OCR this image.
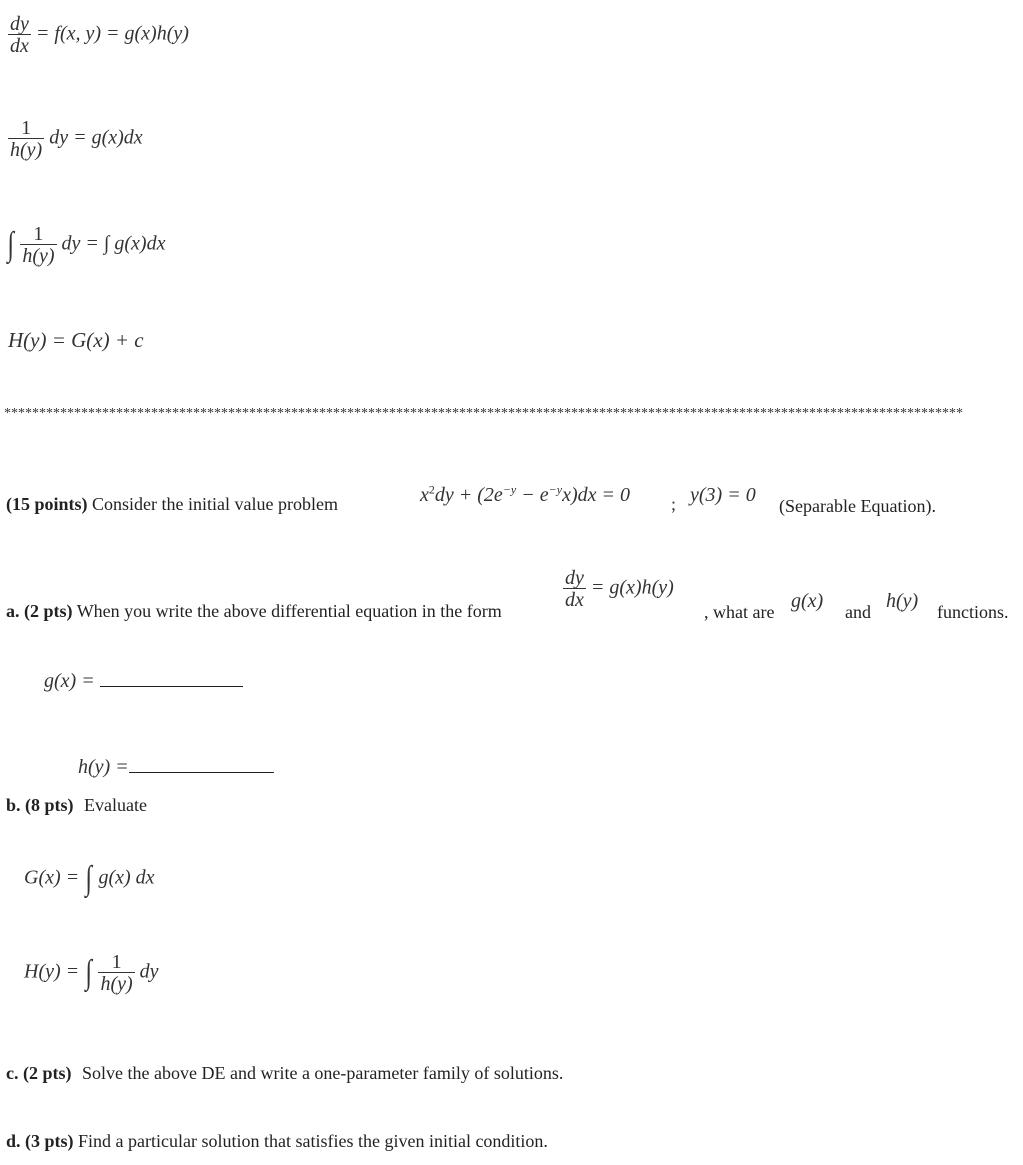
$\frac{dy}{dx} = f(x$, y) = g(x)h(y)
$\frac{1}{h(y)}$ dy = g(x)dx
∫ $\frac{1}{h(y)}$ dy = ∫ g(x)dx
H(y) = G(x) + c
*****************************************************************************************************************************************
(15 points) Consider the initial value problem	$x^2dy + (2e^{-y} - e^{-y}x)dx = 0$ ; y(3) = 0 (Separable Equation).
a. (2 pts) When you write the above differential equation in the form
$\frac{dy}{dx} = g(x)h(y)$
, what are g(x) and h(y) functions.
g(x) =
h(y) =
b. (8 pts) Evaluate
G(x) = ∫ g(x) dx
H(y) = ∫ $\frac{1}{h(y)}$ dy
c. (2 pts) Solve the above DE and write a one-parameter family of solutions.
d. (3 pts) Find a particular solution that satisfies the given initial condition.
